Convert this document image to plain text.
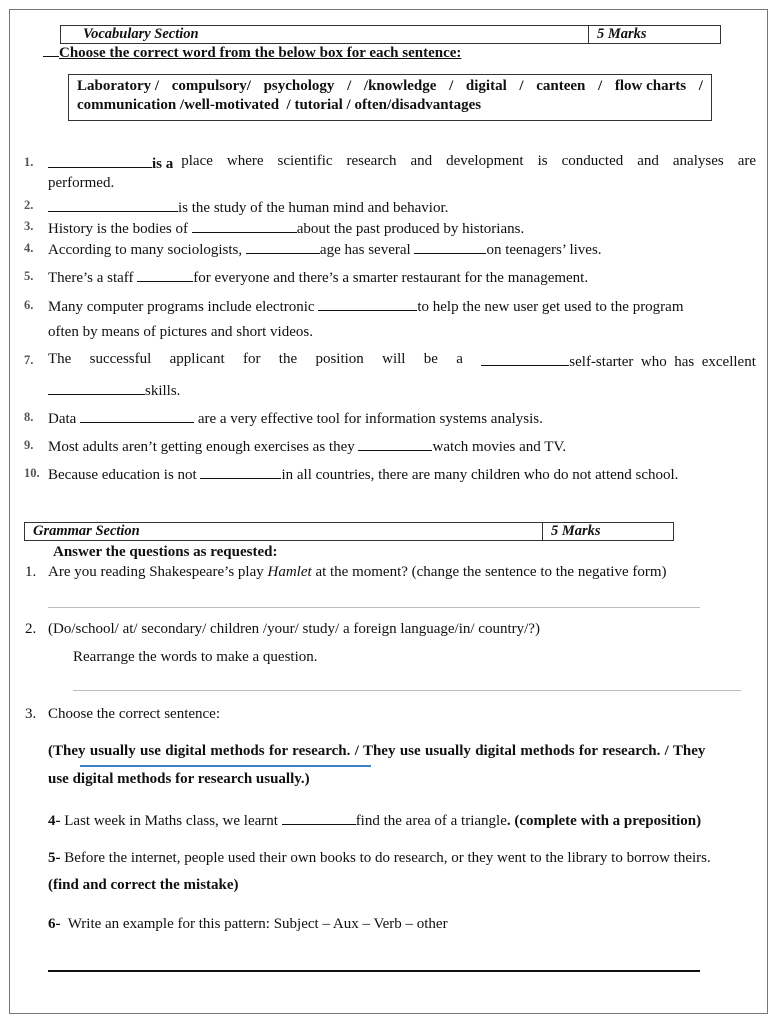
Vocabulary Section	5 Marks
Choose the correct word from the below box for each sentence:
Laboratory / compulsory/ psychology / /knowledge / digital / canteen / flow charts /
communication /well-motivated  / tutorial / often/disadvantages
1.	is a place where scientific research and development is conducted and analyses are
performed.
2.	is the study of the human mind and behavior.
3. History is the bodies of	about the past produced by historians.
4. According to many sociologists,	age has several	on teenagers’ lives.
5. There’s a staff	for everyone and there’s a smarter restaurant for the management.
6. Many computer programs include electronic	to help the new user get used to the program
often by means of pictures and short videos.
7. The successful applicant for the position will be a	self-starter  who  has  excellent
skills.
8. Data	are a very effective tool for information systems analysis.
9. Most adults aren’t getting enough exercises as they	watch movies and TV.
10. Because education is not	in all countries, there are many children who do not attend school.
Grammar Section	5 Marks
Answer the questions as requested:
1. Are you reading Shakespeare’s play Hamlet at the moment? (change the sentence to the negative form)
2. (Do/school/ at/ secondary/ children /your/ study/ a foreign language/in/ country/?)
Rearrange the words to make a question.
3. Choose the correct sentence:
(They usually use digital methods for research. / They use usually digital methods for research. / They
use digital methods for research usually.)
4- Last week in Maths class, we learnt	find the area of a triangle. (complete with a preposition)
5- Before the internet, people used their own books to do research, or they went to the library to borrow theirs.
(find and correct the mistake)
6-  Write an example for this pattern: Subject – Aux – Verb – other
